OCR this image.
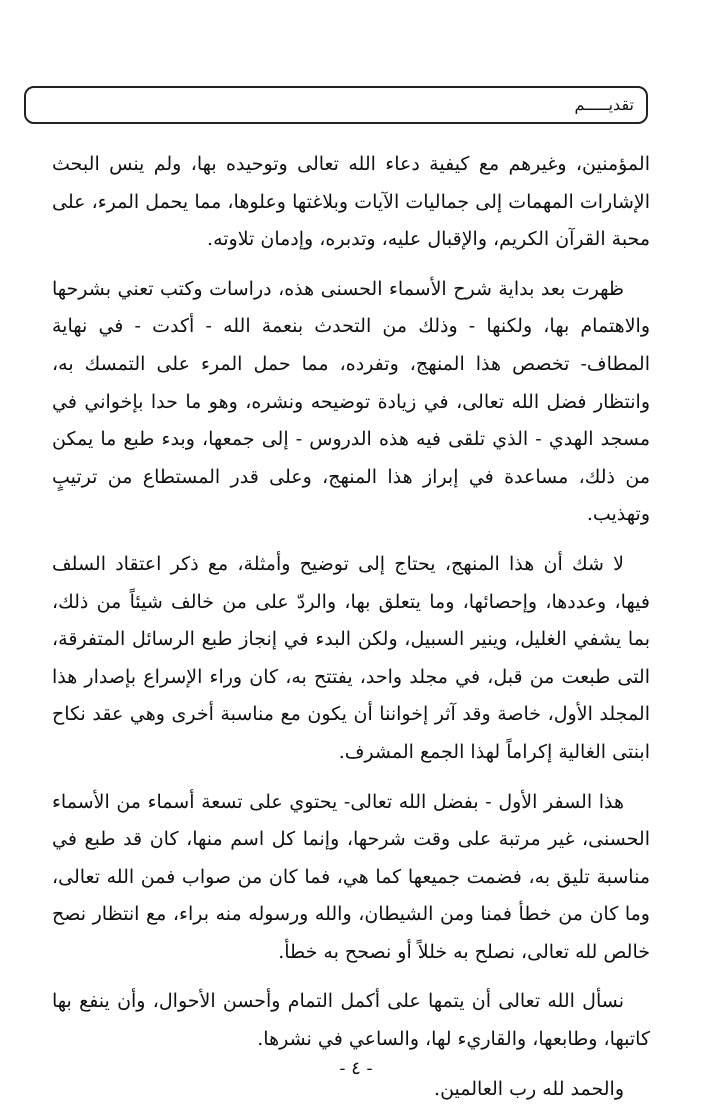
تقديـــــم

المؤمنين، وغيرهم مع كيفية دعاء الله تعالى وتوحيده بها، ولم ينس البحث الإشارات المهمات إلى جماليات الآيات وبلاغتها وعلوها، مما يحمل المرء، على محبة القرآن الكريم، والإقبال عليه، وتدبره، وإدمان تلاوته.

ظهرت بعد بداية شرح الأسماء الحسنى هذه، دراسات وكتب تعني بشرحها والاهتمام بها، ولكنها - وذلك من التحدث بنعمة الله - أكدت - في نهاية المطاف- تخصص هذا المنهج، وتفرده، مما حمل المرء على التمسك به، وانتظار فضل الله تعالى، في زيادة توضيحه ونشره، وهو ما حدا بإخواني في مسجد الهدي - الذي تلقى فيه هذه الدروس - إلى جمعها، وبدء طبع ما يمكن من ذلك، مساعدة في إبراز هذا المنهج، وعلى قدر المستطاع من ترتيبٍ وتهذيب.

لا شك أن هذا المنهج، يحتاج إلى توضيح وأمثلة، مع ذكر اعتقاد السلف فيها، وعددها، وإحصائها، وما يتعلق بها، والردّ على من خالف شيئاً من ذلك، بما يشفي الغليل، وينير السبيل، ولكن البدء في إنجاز طبع الرسائل المتفرقة، التى طبعت من قبل، في مجلد واحد، يفتتح به، كان وراء الإسراع بإصدار هذا المجلد الأول، خاصة وقد آثر إخواننا أن يكون مع مناسبة أخرى وهي عقد نكاح ابنتى الغالية إكراماً لهذا الجمع المشرف.

هذا السفر الأول - بفضل الله تعالى- يحتوي على تسعة أسماء من الأسماء الحسنى، غير مرتبة على وقت شرحها، وإنما كل اسم منها، كان قد طبع في مناسبة تليق به، فضمت جميعها كما هي، فما كان من صواب فمن الله تعالى، وما كان من خطأ فمنا ومن الشيطان، والله ورسوله منه براء، مع انتظار نصح خالص لله تعالى، نصلح به خللاً أو نصحح به خطأ.

نسأل الله تعالى أن يتمها على أكمل التمام وأحسن الأحوال، وأن ينفع بها كاتبها، وطابعها، والقاريء لها، والساعي في نشرها.

والحمد لله رب العالمين.

- ٤ -
